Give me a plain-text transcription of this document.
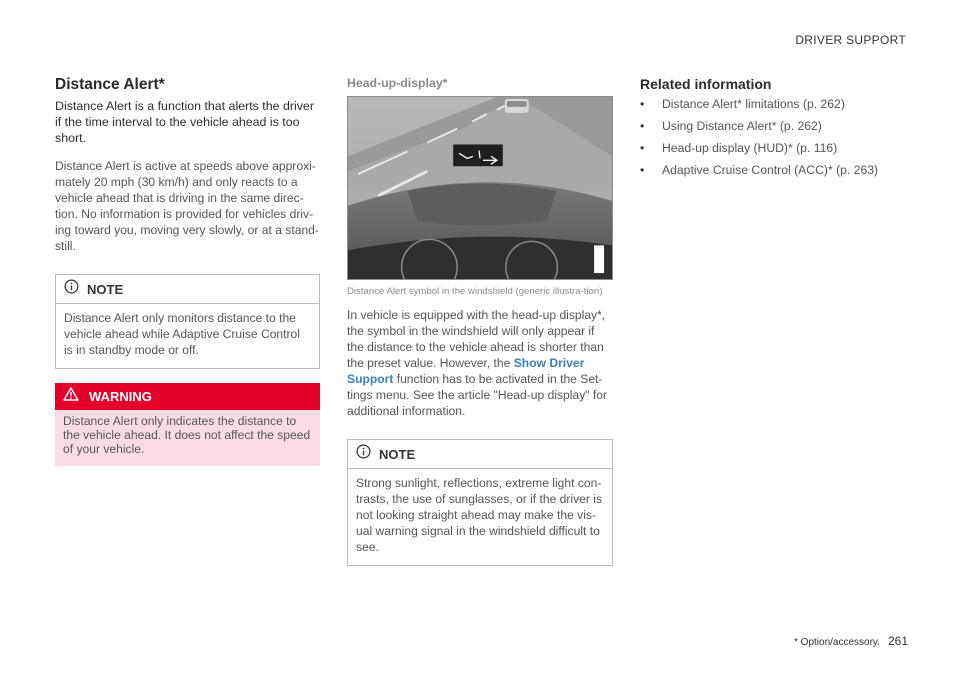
DRIVER SUPPORT
Distance Alert*

Distance Alert is a function that alerts the driver if the time interval to the vehicle ahead is too short.

Distance Alert is active at speeds above approxi-mately 20 mph (30 km/h) and only reacts to a vehicle ahead that is driving in the same direc-tion. No information is provided for vehicles driv-ing toward you, moving very slowly, or at a stand-still.

NOTE
Distance Alert only monitors distance to the vehicle ahead while Adaptive Cruise Control is in standby mode or off.
WARNING
Distance Alert only indicates the distance to the vehicle ahead. It does not affect the speed of your vehicle.
Head-up-display*
Distance Alert symbol in the windshield (generic illustra-tion)

In vehicle is equipped with the head-up display*, the symbol in the windshield will only appear if the distance to the vehicle ahead is shorter than the preset value. However, the Show Driver Support function has to be activated in the Set-tings menu. See the article "Head-up display" for additional information.

NOTE
Strong sunlight, reflections, extreme light con-trasts, the use of sunglasses, or if the driver is not looking straight ahead may make the vis-ual warning signal in the windshield difficult to see.
Related information
• Distance Alert* limitations (p. 262)
• Using Distance Alert* (p. 262)
• Head-up display (HUD)* (p. 116)
• Adaptive Cruise Control (ACC)* (p. 263)
* Option/accessory. 261
